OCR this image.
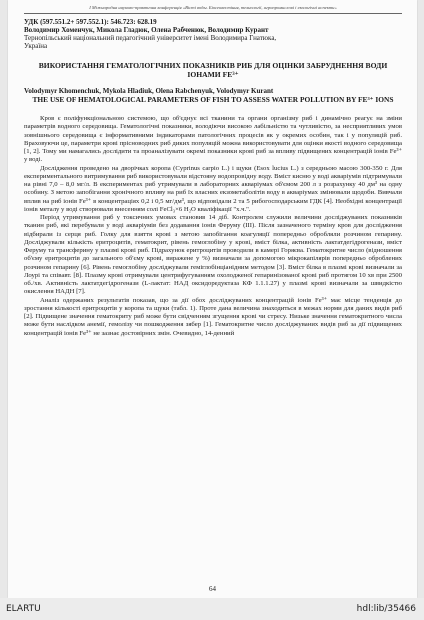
І Міжнародна науково-практична конференція «Вісті воды. Біосеквестіння, технології, агропромислові і екологічні аспекти»

УДК (597.551.2+ 597.552.1): 546.723: 628.19

Володимир Хоменчук, Микола Гладюк, Олена Рабченюк, Володимир Курант

Тернопільський національний педагогічний університет імені Володимира Гнатюка,

Україна

ВИКОРИСТАННЯ ГЕМАТОЛОГІЧНИХ ПОКАЗНИКІВ РИБ ДЛЯ ОЦІНКИ ЗАБРУДНЕННЯ ВОДИ ІОНАМИ FE³⁺

Volodymyr Khomenchuk, Mykola Hladiuk, Olena Rabchenyuk, Volodymyr Kurant

THE USE OF HEMATOLOGICAL PARAMETERS OF FISH TO ASSESS WATER POLLUTION BY FE³⁺ IONS

Кров є поліфункціональною системою, що об'єднує всі тканини та органи організму риб і динамічно реагує на зміни параметрів водного середовища. Гематологічні показники, володіючи високою лабільністю та чутливістю, за несприятливих умов зовнішнього середовища є інформативними індикаторами патологічних процесів як у окремих особин, так і у популяцій риб. Враховуючи це, параметри крові прісноводних риб диких популяцій можна використовувати для оцінки якості водного середовища [1, 2]. Тому ми намагались дослідити та проаналізувати окремі показники крові риб за впливу підвищених концентрацій іонів Fe³⁺ у воді.

Дослідження проведено на дворічках коропа (Cyprinus carpio L.) і щуки (Esox lucius L.) з середньою масою 300-350 г. Для експериментального витримування риб використовували відстояну водопровідну воду. Вміст кисню у воді акваріумів підтримували на рівні 7,0 – 8,0 мг/л. В експериментах риб утримували в лабораторних акваріумах об'ємом 200 л з розрахунку 40 дм³ на одну особину. З метою запобігання хронічного впливу на риб їх власних екзометаболітів воду в акваріумах змінювали щодоби. Вивчали вплив на риб іонів Fe³⁺ в концентраціях 0,2 і 0,5 мг/дм³, що відповідали 2 та 5 рибогосподарським ГДК [4]. Необхідні концентрації іонів металу у воді створювали внесенням солі FeCl₃×6 H₂O кваліфікації "х.ч.".

Період утримування риб у токсичних умовах становив 14 діб. Контролем служили величини досліджуваних показників тканин риб, які перебували у воді акваріумів без додавання іонів Феруму (ІІІ). Після зазначеного терміну кров для дослідження відбирали із серця риб. Голку для взяття крові з метою запобігання коагуляції попередньо обробляли розчином гепарину. Досліджували кількість еритроцитів, гематокрит, рівень гемоглобіну у крові, вміст білка, активність лактатдегідрогенази, вміст Феруму та трансферину у плазмі крові риб. Підрахунок еритроцитів проводили в камері Горяєва. Гематокритне число (відношення об'єму еритроцитів до загального об'єму крові, виражене у %) визначали за допомогою мікрокапілярів попередньо оброблених розчином гепарину [6]. Рівень гемоглобіну досліджували геміглобінціанідним методом [3]. Вміст білка в плазмі крові визначали за Лоурі та співавт. [8]. Плазму крові отримували центрифугуванням охолодженої гепаринізованої крові риб протягом 10 хв при 2500 об./хв. Активність лактатдегідрогенази (L-лактат: НАД оксидоредуктаза КФ 1.1.1.27) у плазмі крові визначали за швидкістю окислення НАДН [7].

Аналіз одержаних результатів показав, що за дії обох досліджуваних концентрацій іонів Fe³⁺ має місце тенденція до зростання кількості еритроцитів у коропа та щуки (табл. 1). Проте дана величина знаходиться в межах норми для даних видів риб [2]. Підвищене значення гематокриту риб може бути свідченням згущення крові чи стресу. Низьке значення гематокритного числа може бути наслідком анемії, гемолізу чи пошкодження зябер [1]. Гематокритне число досліджуваних видів риб за дії підвищених концентрацій іонів Fe³⁺ не зазнає достовірних змін. Очевидно, 14-денний

64
ELARTU	hdl:lib/35466
